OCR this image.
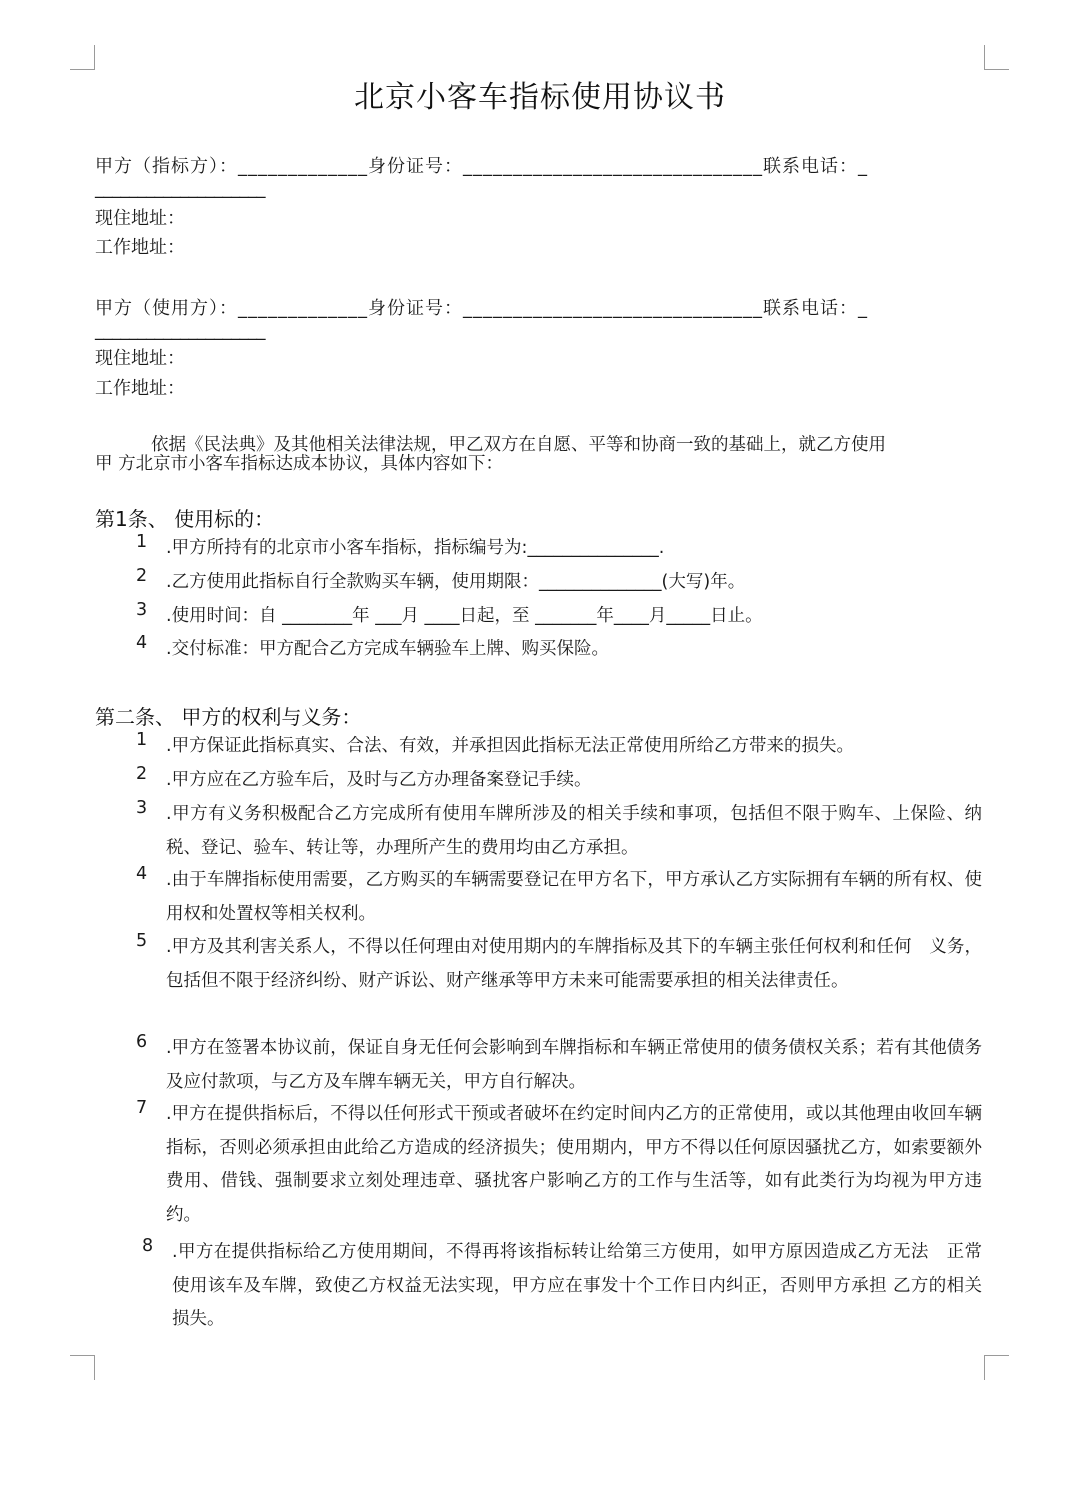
北京小客车指标使用协议书
甲方（指标方）：_____________身份证号：______________________________联系电话：_
____________________
现住地址：
工作地址：
甲方（使用方）：_____________身份证号：______________________________联系电话：_
____________________
现住地址：
工作地址：
依据《民法典》及其他相关法律法规，甲乙双方在自愿、平等和协商一致的基础上，就乙方使用
甲 方北京市小客车指标达成本协议，具体内容如下：
第1条、 使用标的：
1	.甲方所持有的北京市小客车指标，指标编号为:_______________.
2	.乙方使用此指标自行全款购买车辆，使用期限：______________(大写)年。
3	.使用时间：自 ________年 ___月 ____日起，至 _______年____月_____日止。
4	.交付标准：甲方配合乙方完成车辆验车上牌、购买保险。
第二条、 甲方的权利与义务：
1	.甲方保证此指标真实、合法、有效，并承担因此指标无法正常使用所给乙方带来的损失。
2	.甲方应在乙方验车后，及时与乙方办理备案登记手续。
3	.甲方有义务积极配合乙方完成所有使用车牌所涉及的相关手续和事项，包括但不限于购车、上保险、纳税、登记、验车、转让等，办理所产生的费用均由乙方承担。
4	.由于车牌指标使用需要，乙方购买的车辆需要登记在甲方名下，甲方承认乙方实际拥有车辆的所有权、使用权和处置权等相关权利。
5	.甲方及其利害关系人，不得以任何理由对使用期内的车牌指标及其下的车辆主张任何权利和任何　义务，包括但不限于经济纠纷、财产诉讼、财产继承等甲方未来可能需要承担的相关法律责任。
6	.甲方在签署本协议前，保证自身无任何会影响到车牌指标和车辆正常使用的债务债权关系；若有其他债务及应付款项，与乙方及车牌车辆无关，甲方自行解决。
7	.甲方在提供指标后，不得以任何形式干预或者破坏在约定时间内乙方的正常使用，或以其他理由收回车辆指标，否则必须承担由此给乙方造成的经济损失；使用期内，甲方不得以任何原因骚扰乙方，如索要额外费用、借钱、强制要求立刻处理违章、骚扰客户影响乙方的工作与生活等，如有此类行为均视为甲方违约。
8	.甲方在提供指标给乙方使用期间，不得再将该指标转让给第三方使用，如甲方原因造成乙方无法　正常使用该车及车牌，致使乙方权益无法实现，甲方应在事发十个工作日内纠正，否则甲方承担 乙方的相关损失。
